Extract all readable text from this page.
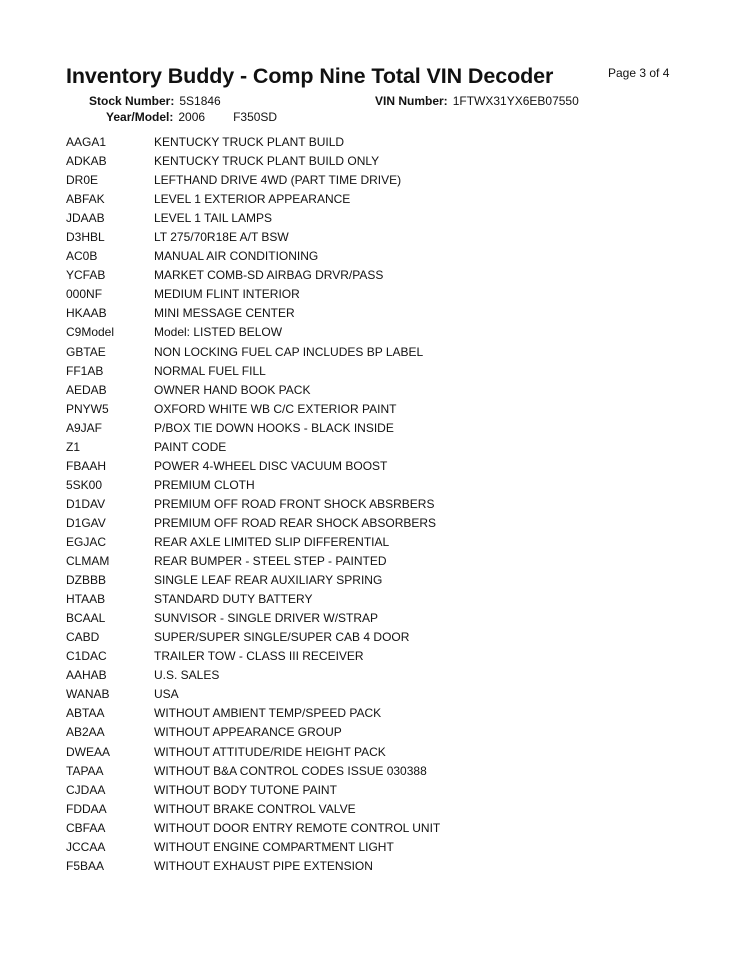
Inventory Buddy - Comp Nine Total VIN Decoder	Page 3 of 4
Stock Number: 5S1846	VIN Number: 1FTWX31YX6EB07550
Year/Model: 2006 F350SD
AAGA1	KENTUCKY TRUCK PLANT BUILD
ADKAB	KENTUCKY TRUCK PLANT BUILD ONLY
DR0E	LEFTHAND DRIVE 4WD (PART TIME DRIVE)
ABFAK	LEVEL 1 EXTERIOR APPEARANCE
JDAAB	LEVEL 1 TAIL LAMPS
D3HBL	LT 275/70R18E A/T BSW
AC0B	MANUAL AIR CONDITIONING
YCFAB	MARKET COMB-SD AIRBAG DRVR/PASS
000NF	MEDIUM FLINT INTERIOR
HKAAB	MINI MESSAGE CENTER
C9Model	Model: LISTED BELOW
GBTAE	NON LOCKING FUEL CAP INCLUDES BP LABEL
FF1AB	NORMAL FUEL FILL
AEDAB	OWNER HAND BOOK PACK
PNYW5	OXFORD WHITE WB C/C EXTERIOR PAINT
A9JAF	P/BOX TIE DOWN HOOKS - BLACK INSIDE
Z1	PAINT CODE
FBAAH	POWER 4-WHEEL DISC VACUUM BOOST
5SK00	PREMIUM CLOTH
D1DAV	PREMIUM OFF ROAD FRONT SHOCK ABSRBERS
D1GAV	PREMIUM OFF ROAD REAR SHOCK ABSORBERS
EGJAC	REAR AXLE LIMITED SLIP DIFFERENTIAL
CLMAM	REAR BUMPER - STEEL STEP - PAINTED
DZBBB	SINGLE LEAF REAR AUXILIARY SPRING
HTAAB	STANDARD DUTY BATTERY
BCAAL	SUNVISOR - SINGLE DRIVER W/STRAP
CABD	SUPER/SUPER SINGLE/SUPER CAB 4 DOOR
C1DAC	TRAILER TOW - CLASS III RECEIVER
AAHAB	U.S. SALES
WANAB	USA
ABTAA	WITHOUT AMBIENT TEMP/SPEED PACK
AB2AA	WITHOUT APPEARANCE GROUP
DWEAA	WITHOUT ATTITUDE/RIDE HEIGHT PACK
TAPAA	WITHOUT B&A CONTROL CODES ISSUE 030388
CJDAA	WITHOUT BODY TUTONE PAINT
FDDAA	WITHOUT BRAKE CONTROL VALVE
CBFAA	WITHOUT DOOR ENTRY REMOTE CONTROL UNIT
JCCAA	WITHOUT ENGINE COMPARTMENT LIGHT
F5BAA	WITHOUT EXHAUST PIPE EXTENSION
